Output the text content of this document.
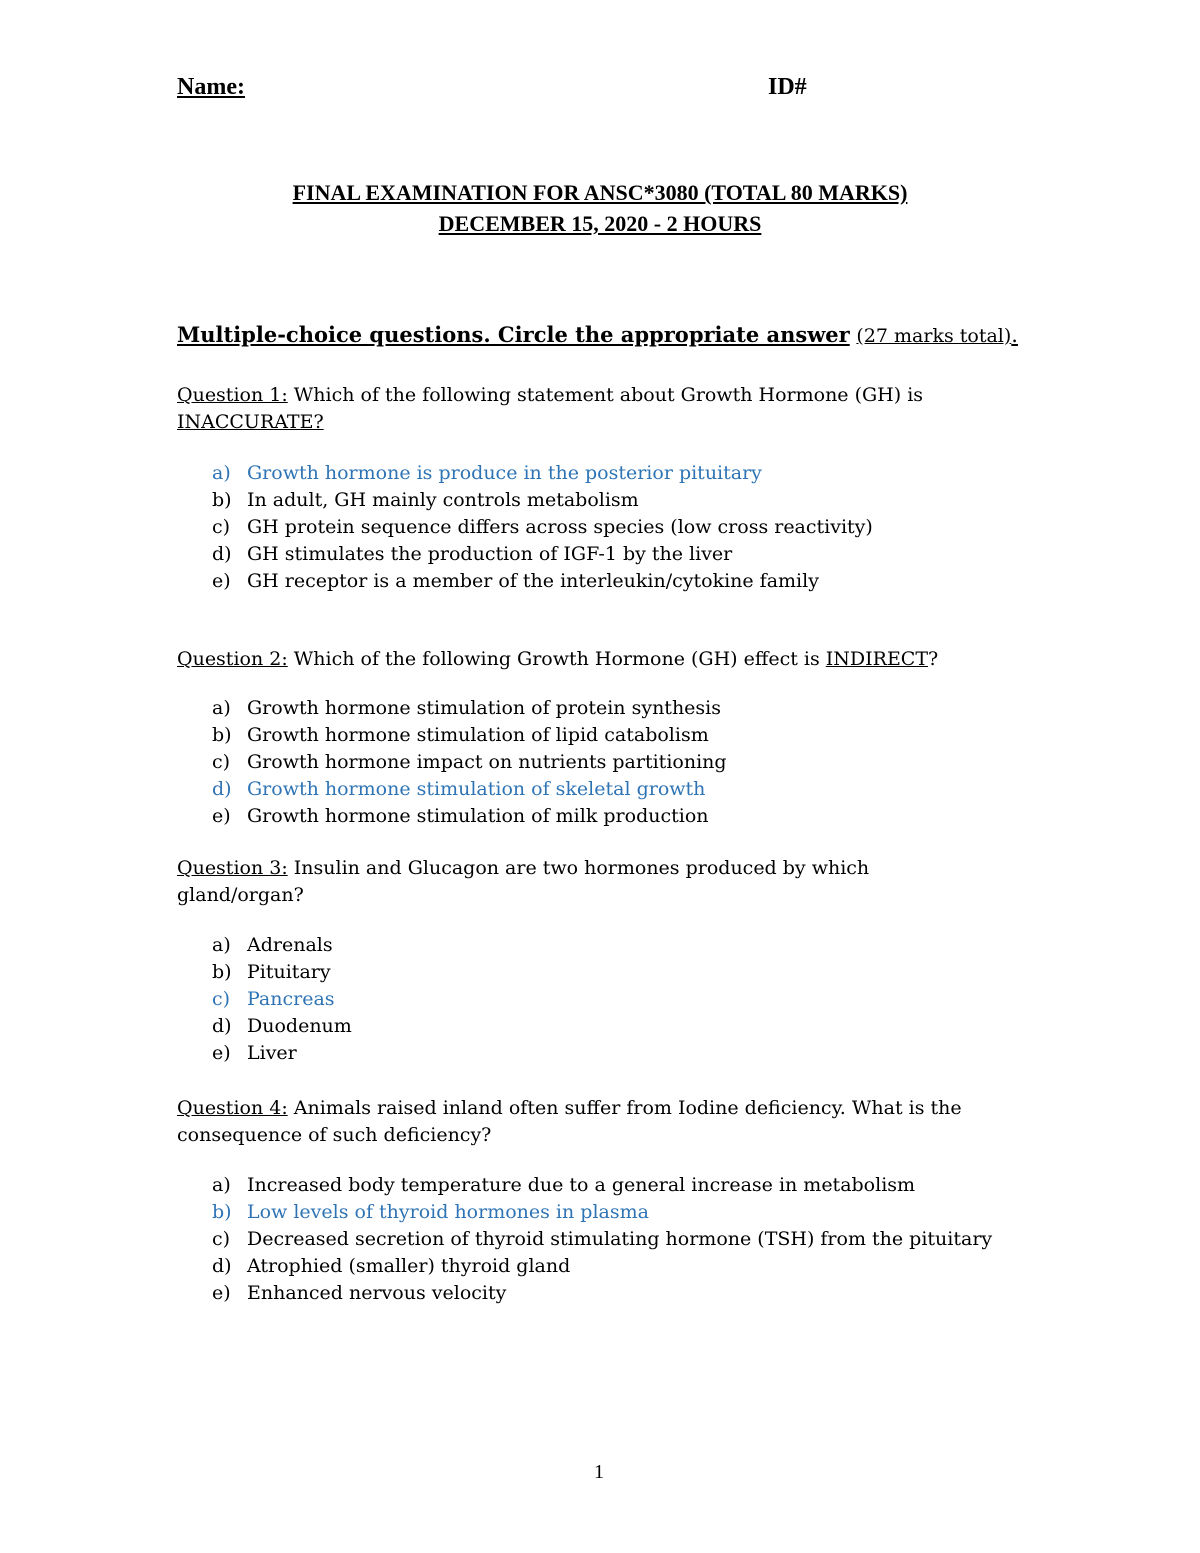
Name:	ID#
FINAL EXAMINATION FOR ANSC*3080 (TOTAL 80 MARKS)
DECEMBER 15, 2020 - 2 HOURS
Multiple-choice questions. Circle the appropriate answer (27 marks total).
Question 1: Which of the following statement about Growth Hormone (GH) is
INACCURATE?
a) Growth hormone is produce in the posterior pituitary
b) In adult, GH mainly controls metabolism
c) GH protein sequence differs across species (low cross reactivity)
d) GH stimulates the production of IGF-1 by the liver
e) GH receptor is a member of the interleukin/cytokine family
Question 2: Which of the following Growth Hormone (GH) effect is INDIRECT?
a) Growth hormone stimulation of protein synthesis
b) Growth hormone stimulation of lipid catabolism
c) Growth hormone impact on nutrients partitioning
d) Growth hormone stimulation of skeletal growth
e) Growth hormone stimulation of milk production
Question 3: Insulin and Glucagon are two hormones produced by which
gland/organ?
a) Adrenals
b) Pituitary
c) Pancreas
d) Duodenum
e) Liver
Question 4: Animals raised inland often suffer from Iodine deficiency. What is the
consequence of such deficiency?
a) Increased body temperature due to a general increase in metabolism
b) Low levels of thyroid hormones in plasma
c) Decreased secretion of thyroid stimulating hormone (TSH) from the pituitary
d) Atrophied (smaller) thyroid gland
e) Enhanced nervous velocity
1
